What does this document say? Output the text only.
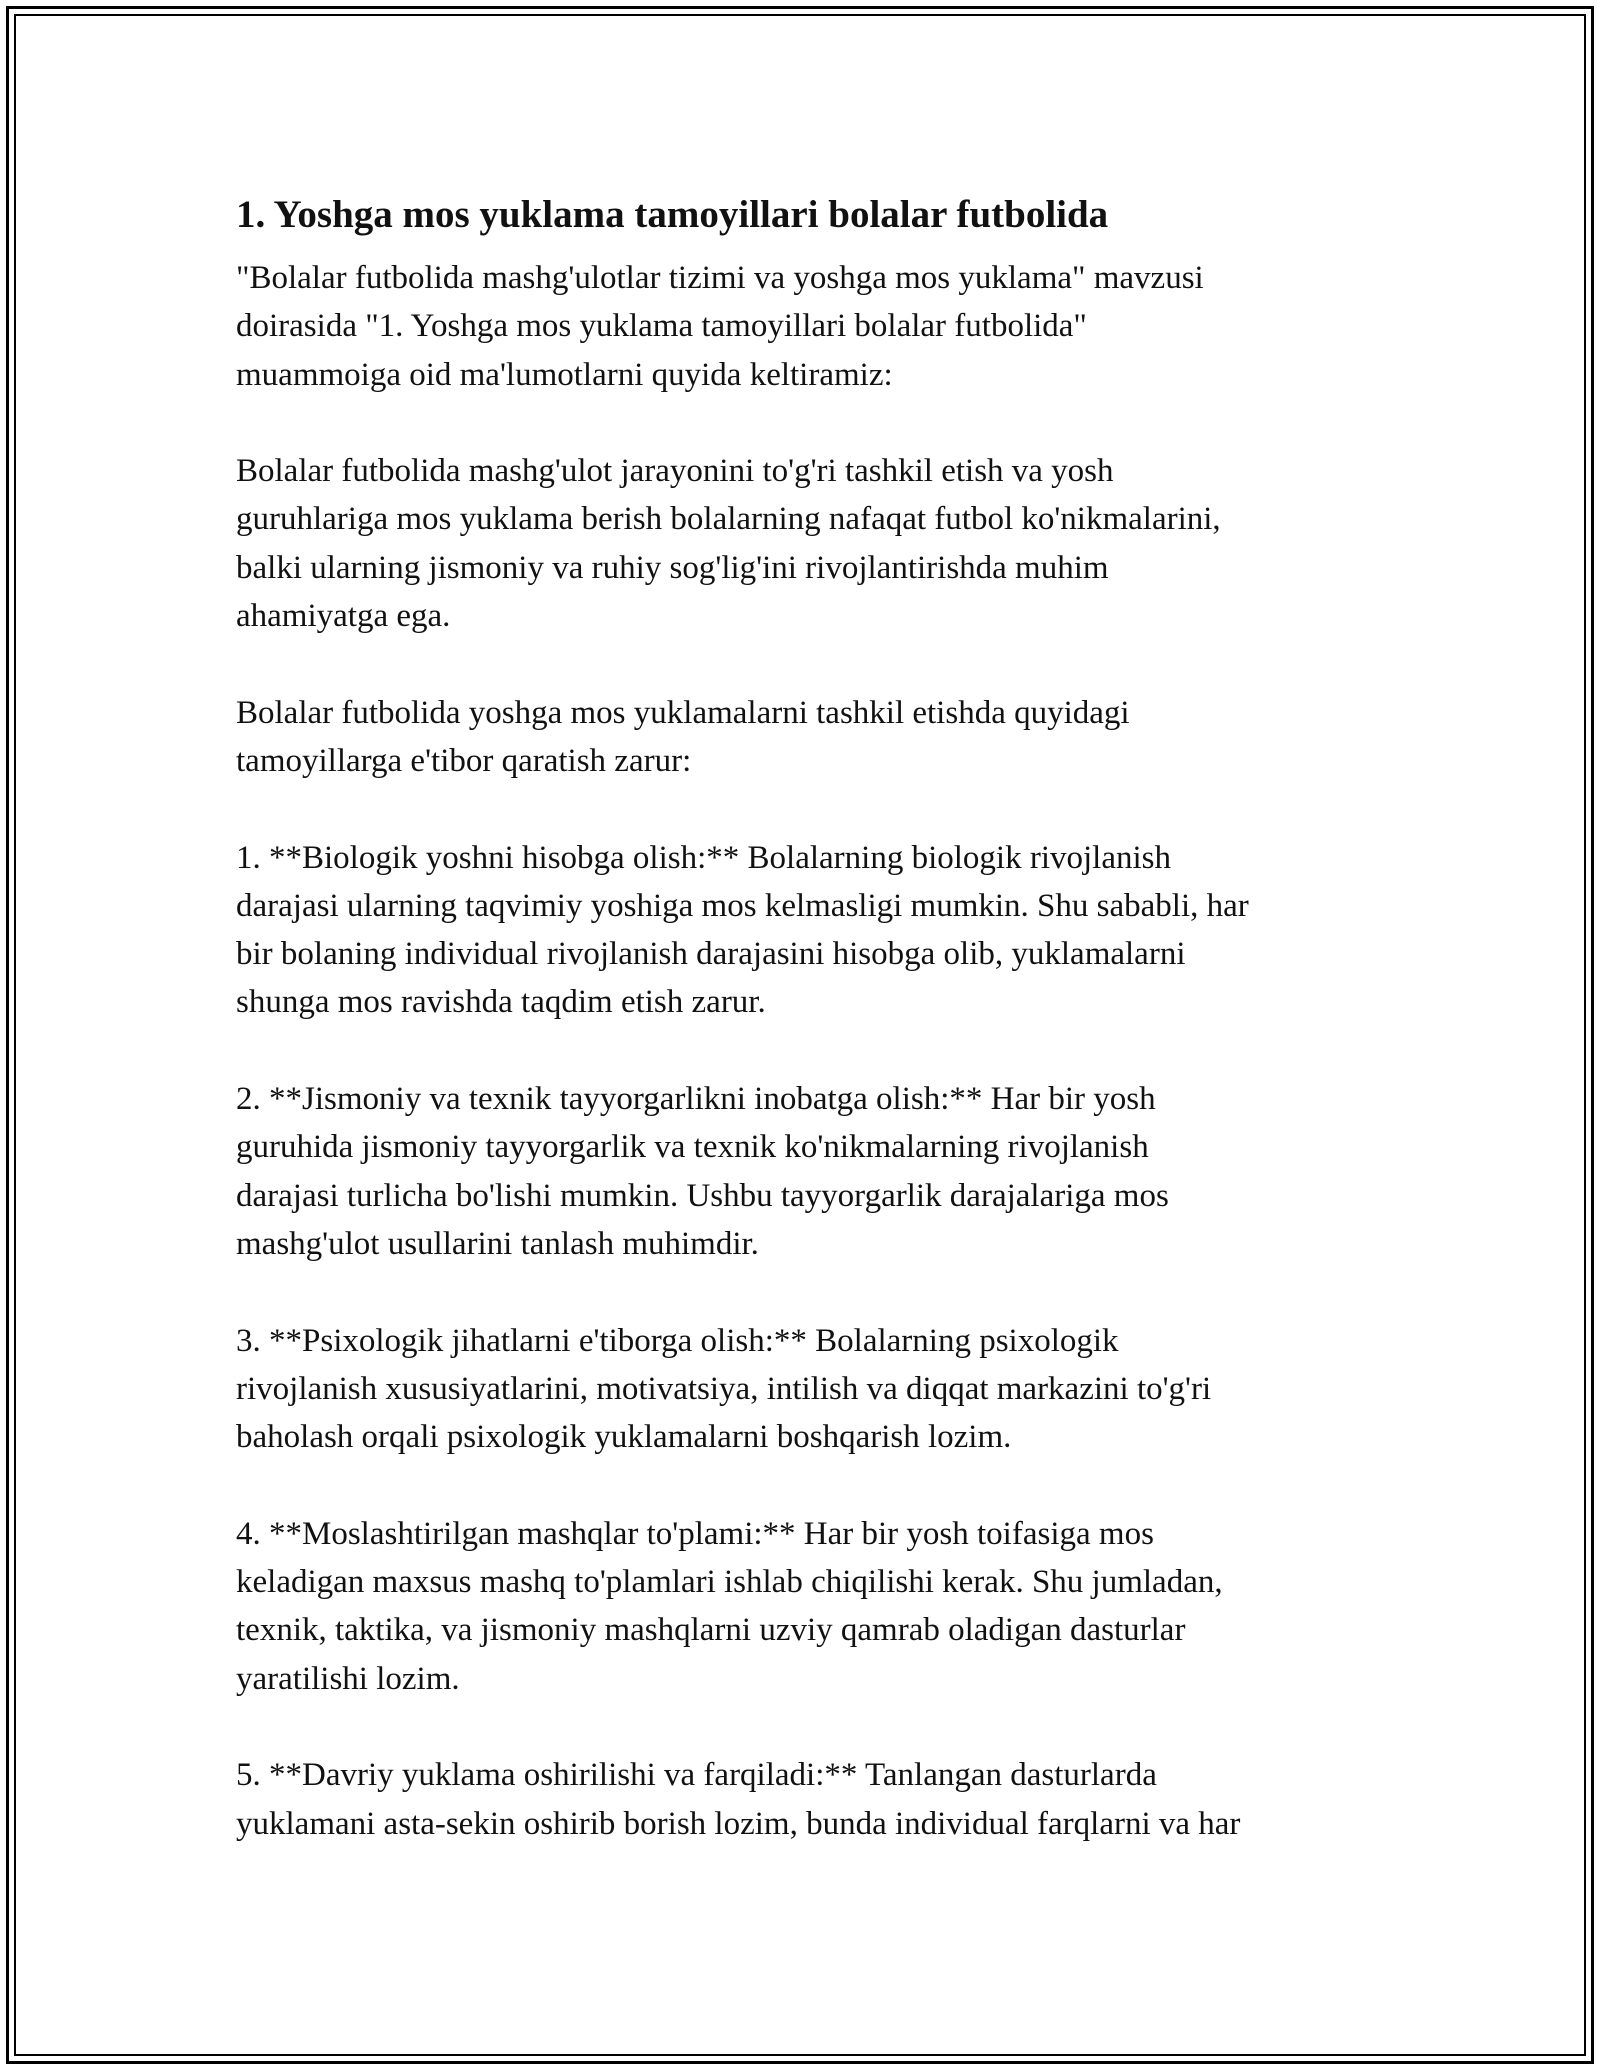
1. Yoshga mos yuklama tamoyillari bolalar futbolida
"Bolalar futbolida mashg'ulotlar tizimi va yoshga mos yuklama" mavzusi
doirasida "1. Yoshga mos yuklama tamoyillari bolalar futbolida"
muammoiga oid ma'lumotlarni quyida keltiramiz:
Bolalar futbolida mashg'ulot jarayonini to'g'ri tashkil etish va yosh
guruhlariga mos yuklama berish bolalarning nafaqat futbol ko'nikmalarini,
balki ularning jismoniy va ruhiy sog'lig'ini rivojlantirishda muhim
ahamiyatga ega.
Bolalar futbolida yoshga mos yuklamalarni tashkil etishda quyidagi
tamoyillarga e'tibor qaratish zarur:
1. **Biologik yoshni hisobga olish:** Bolalarning biologik rivojlanish
darajasi ularning taqvimiy yoshiga mos kelmasligi mumkin. Shu sababli, har
bir bolaning individual rivojlanish darajasini hisobga olib, yuklamalarni
shunga mos ravishda taqdim etish zarur.
2. **Jismoniy va texnik tayyorgarlikni inobatga olish:** Har bir yosh
guruhida jismoniy tayyorgarlik va texnik ko'nikmalarning rivojlanish
darajasi turlicha bo'lishi mumkin. Ushbu tayyorgarlik darajalariga mos
mashg'ulot usullarini tanlash muhimdir.
3. **Psixologik jihatlarni e'tiborga olish:** Bolalarning psixologik
rivojlanish xususiyatlarini, motivatsiya, intilish va diqqat markazini to'g'ri
baholash orqali psixologik yuklamalarni boshqarish lozim.
4. **Moslashtirilgan mashqlar to'plami:** Har bir yosh toifasiga mos
keladigan maxsus mashq to'plamlari ishlab chiqilishi kerak. Shu jumladan,
texnik, taktika, va jismoniy mashqlarni uzviy qamrab oladigan dasturlar
yaratilishi lozim.
5. **Davriy yuklama oshirilishi va farqiladi:** Tanlangan dasturlarda
yuklamani asta-sekin oshirib borish lozim, bunda individual farqlarni va har
